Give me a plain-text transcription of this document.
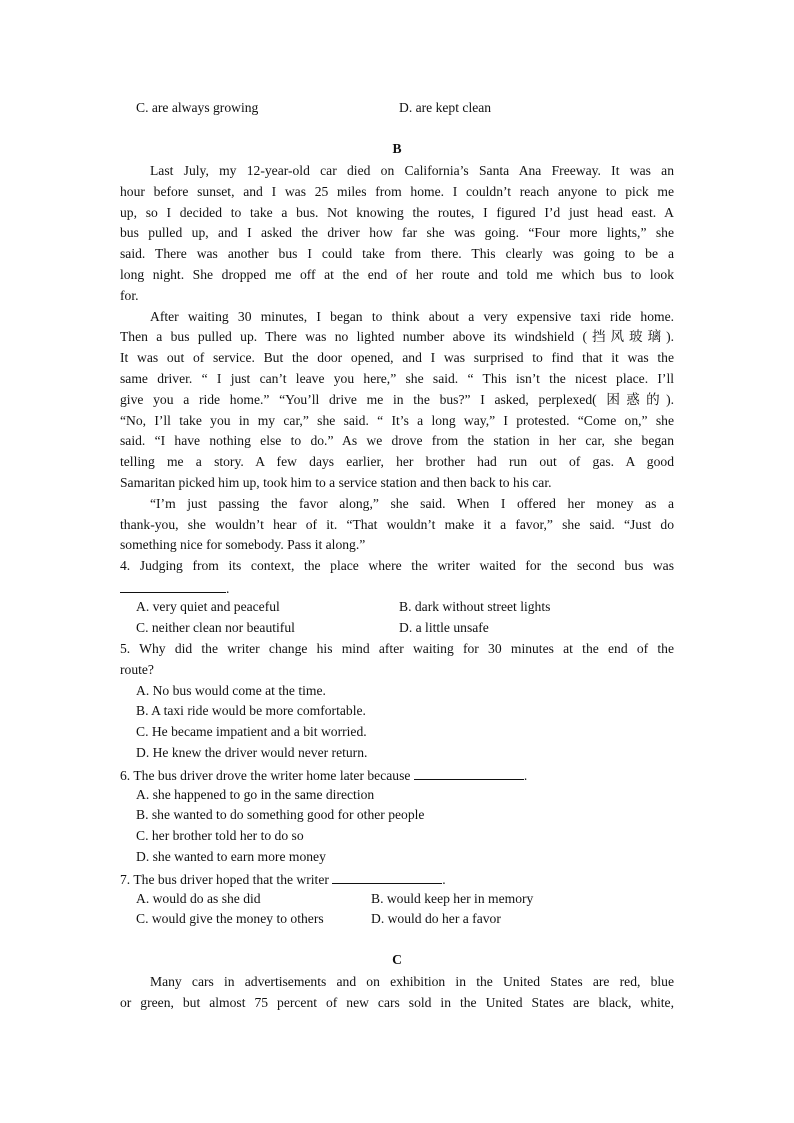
C. are always growing	D. are kept clean
B
Last July, my 12-year-old car died on California’s Santa Ana Freeway. It was an
hour before sunset, and I was 25 miles from home. I couldn’t reach anyone to pick me
up, so I decided to take a bus. Not knowing the routes, I figured I’d just head east. A
bus pulled up, and I asked the driver how far she was going. “Four more lights,” she
said. There was another bus I could take from there. This clearly was going to be a
long night. She dropped me off at the end of her route and told me which bus to look
for.
After waiting 30 minutes, I began to think about a very expensive taxi ride home.
Then a bus pulled up. There was no lighted number above its windshield (挡风玻璃).
It was out of service. But the door opened, and I was surprised to find that it was the
same driver. “ I just can’t leave you here,” she said. “ This isn’t the nicest place. I’ll
give you a ride home.” “You’ll drive me in the bus?” I asked, perplexed( 困惑的).
“No, I’ll take you in my car,” she said. “ It’s a long way,” I protested. “Come on,” she
said. “I have nothing else to do.” As we drove from the station in her car, she began
telling me a story. A few days earlier, her brother had run out of gas. A good
Samaritan picked him up, took him to a service station and then back to his car.
“I’m just passing the favor along,” she said. When I offered her money as a
thank-you, she wouldn’t hear of it. “That wouldn’t make it a favor,” she said. “Just do
something nice for somebody. Pass it along.”
4. Judging from its context, the place where the writer waited for the second bus was
.
A. very quiet and peaceful	B. dark without street lights
C. neither clean nor beautiful	D. a little unsafe
5. Why did the writer change his mind after waiting for 30 minutes at the end of the
route?
A. No bus would come at the time.
B. A taxi ride would be more comfortable.
C. He became impatient and a bit worried.
D. He knew the driver would never return.
6. The bus driver drove the writer home later because	.
A. she happened to go in the same direction
B. she wanted to do something good for other people
C. her brother told her to do so
D. she wanted to earn more money
7. The bus driver hoped that the writer	.
A. would do as she did	B. would keep her in memory
C. would give the money to others	D. would do her a favor
C
Many cars in advertisements and on exhibition in the United States are red, blue
or green, but almost 75 percent of new cars sold in the United States are black, white,
